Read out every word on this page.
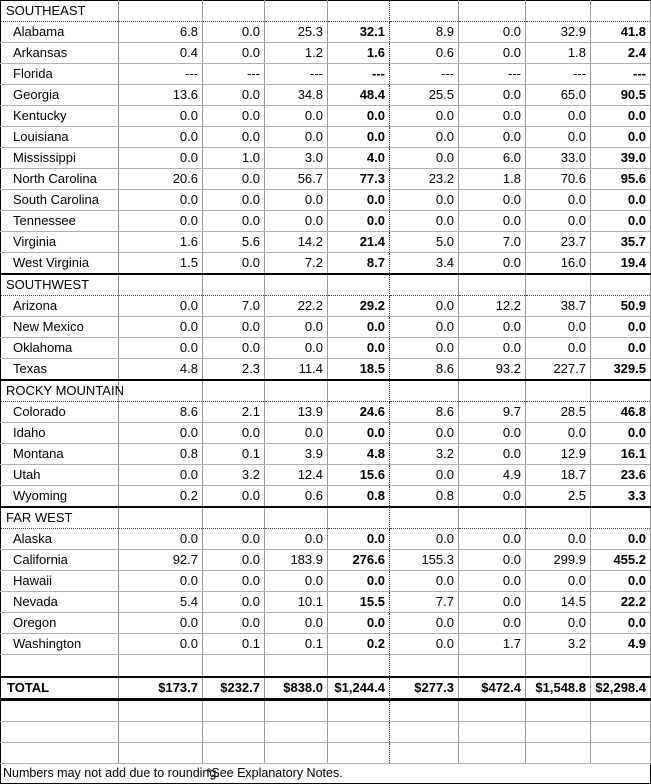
SOUTHEAST								
Alabama	6.8	0.0	25.3	32.1	8.9	0.0	32.9	41.8
Arkansas	0.4	0.0	1.2	1.6	0.6	0.0	1.8	2.4
Florida	---	---	---	---	---	---	---	---
Georgia	13.6	0.0	34.8	48.4	25.5	0.0	65.0	90.5
Kentucky	0.0	0.0	0.0	0.0	0.0	0.0	0.0	0.0
Louisiana	0.0	0.0	0.0	0.0	0.0	0.0	0.0	0.0
Mississippi	0.0	1.0	3.0	4.0	0.0	6.0	33.0	39.0
North Carolina	20.6	0.0	56.7	77.3	23.2	1.8	70.6	95.6
South Carolina	0.0	0.0	0.0	0.0	0.0	0.0	0.0	0.0
Tennessee	0.0	0.0	0.0	0.0	0.0	0.0	0.0	0.0
Virginia	1.6	5.6	14.2	21.4	5.0	7.0	23.7	35.7
West Virginia	1.5	0.0	7.2	8.7	3.4	0.0	16.0	19.4
SOUTHWEST								
Arizona	0.0	7.0	22.2	29.2	0.0	12.2	38.7	50.9
New Mexico	0.0	0.0	0.0	0.0	0.0	0.0	0.0	0.0
Oklahoma	0.0	0.0	0.0	0.0	0.0	0.0	0.0	0.0
Texas	4.8	2.3	11.4	18.5	8.6	93.2	227.7	329.5
ROCKY MOUNTAIN								
Colorado	8.6	2.1	13.9	24.6	8.6	9.7	28.5	46.8
Idaho	0.0	0.0	0.0	0.0	0.0	0.0	0.0	0.0
Montana	0.8	0.1	3.9	4.8	3.2	0.0	12.9	16.1
Utah	0.0	3.2	12.4	15.6	0.0	4.9	18.7	23.6
Wyoming	0.2	0.0	0.6	0.8	0.8	0.0	2.5	3.3
FAR WEST								
Alaska	0.0	0.0	0.0	0.0	0.0	0.0	0.0	0.0
California	92.7	0.0	183.9	276.6	155.3	0.0	299.9	455.2
Hawaii	0.0	0.0	0.0	0.0	0.0	0.0	0.0	0.0
Nevada	5.4	0.0	10.1	15.5	7.7	0.0	14.5	22.2
Oregon	0.0	0.0	0.0	0.0	0.0	0.0	0.0	0.0
Washington	0.0	0.1	0.1	0.2	0.0	1.7	3.2	4.9

TOTAL	$173.7	$232.7	$838.0	$1,244.4	$277.3	$472.4	$1,548.8	$2,298.4

Numbers may not add due to rounding.		*See Explanatory Notes.						
